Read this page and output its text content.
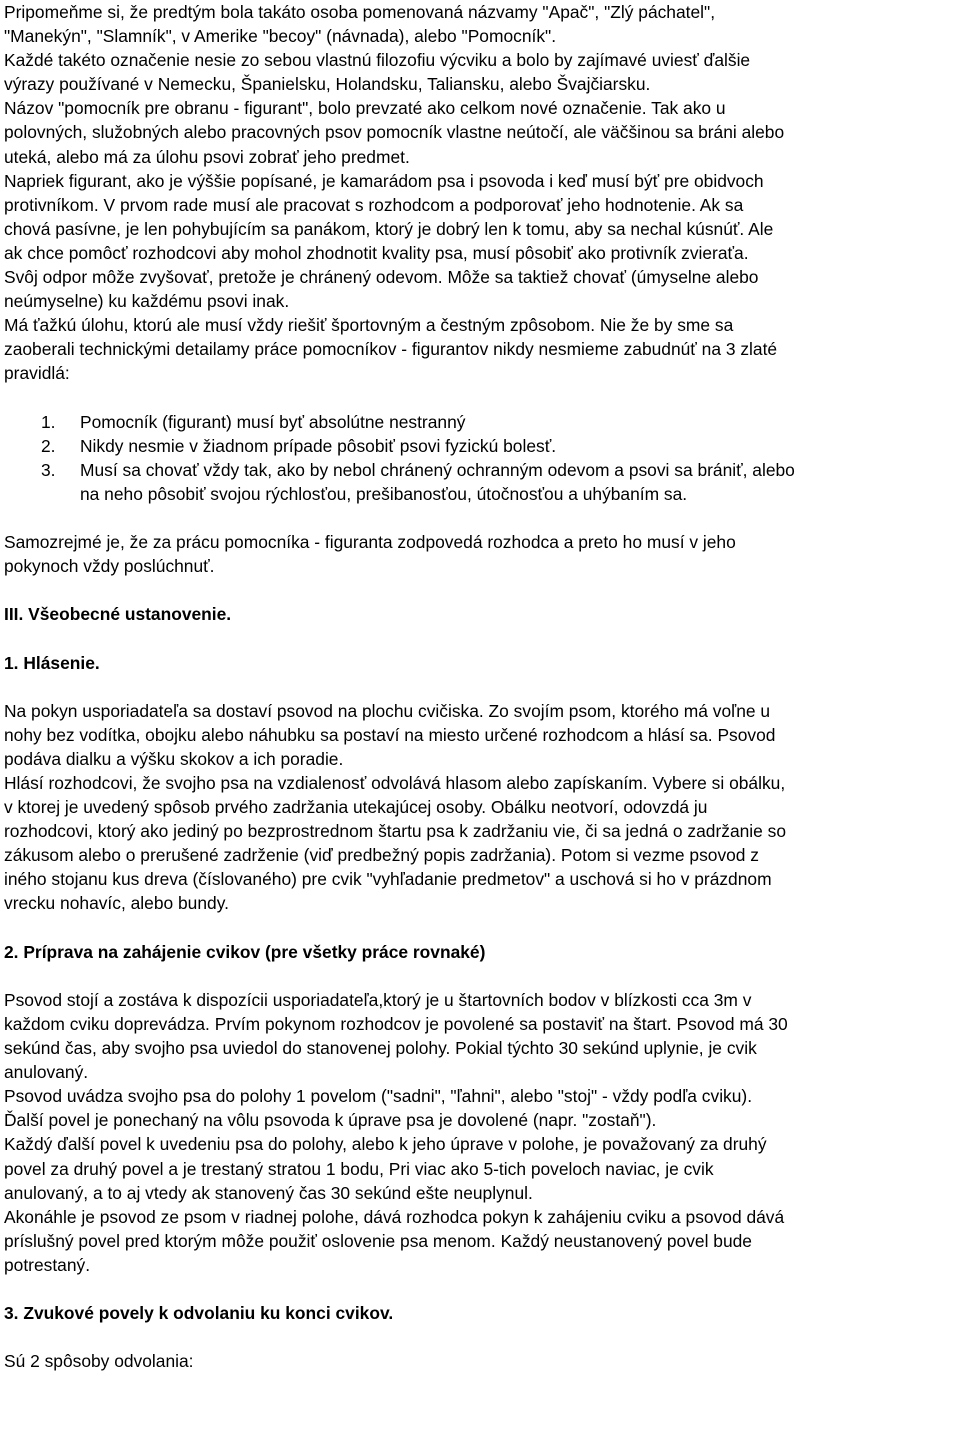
Pripomeňme si, že predtým bola takáto osoba pomenovaná názvamy "Apač", "Zlý páchatel",
"Manekýn", "Slamník", v Amerike "becoy" (návnada), alebo "Pomocník".
Každé takéto označenie nesie zo sebou vlastnú filozofiu výcviku a bolo by zajímavé uviesť ďalšie
výrazy používané v Nemecku, Španielsku, Holandsku, Taliansku, alebo Švajčiarsku.
Názov "pomocník pre obranu - figurant", bolo prevzaté ako celkom nové označenie. Tak ako u
polovných, služobných alebo pracovných psov pomocník vlastne neútočí, ale väčšinou sa bráni alebo
uteká, alebo má za úlohu psovi zobrať jeho predmet.
Napriek figurant, ako je výššie popísané, je kamarádom psa i psovoda i keď musí býť pre obidvoch
protivníkom. V prvom rade musí ale pracovat s rozhodcom a podporovať jeho hodnotenie. Ak sa
chová pasívne, je len pohybujícím sa panákom, ktorý je dobrý len k tomu, aby sa nechal kúsnúť. Ale
ak chce pomôcť rozhodcovi aby mohol zhodnotit kvality psa, musí pôsobiť ako protivník zvieraťa.
Svôj odpor môže zvyšovať, pretože je chránený odevom. Môže sa taktiež chovať (úmyselne alebo
neúmyselne) ku každému psovi inak.
Má ťažkú úlohu, ktorú ale musí vždy riešiť športovným a čestným zpôsobom. Nie že by sme sa
zaoberali technickými detailamy práce pomocníkov - figurantov nikdy nesmieme zabudnúť na 3 zlaté
pravidlá:
1. Pomocník (figurant) musí byť absolútne nestranný
2. Nikdy nesmie v žiadnom prípade pôsobiť psovi fyzickú bolesť.
3. Musí sa chovať vždy tak, ako by nebol chránený ochranným odevom a psovi sa brániť, alebo
na neho pôsobiť svojou rýchlosťou, prešibanosťou, útočnosťou a uhýbaním sa.
Samozrejmé je, že za prácu pomocníka - figuranta zodpovedá rozhodca a preto ho musí v jeho
pokynoch vždy poslúchnuť.
III. Všeobecné ustanovenie.
1. Hlásenie.
Na pokyn usporiadateľa sa dostaví psovod na plochu cvičiska. Zo svojím psom, ktorého má voľne u
nohy bez vodítka, obojku alebo náhubku sa postaví na miesto určené rozhodcom a hlásí sa. Psovod
podáva dialku a výšku skokov a ich poradie.
Hlásí rozhodcovi, že svojho psa na vzdialenosť odvolává hlasom alebo zapískaním. Vybere si obálku,
v ktorej je uvedený spôsob prvého zadržania utekajúcej osoby. Obálku neotvorí, odovzdá ju
rozhodcovi, ktorý ako jediný po bezprostrednom štartu psa k zadržaniu vie, či sa jedná o zadržanie so
zákusom alebo o prerušené zadrženie (viď predbežný popis zadržania). Potom si vezme psovod z
iného stojanu kus dreva (číslovaného) pre cvik "vyhľadanie predmetov" a uschová si ho v prázdnom
vrecku nohavíc, alebo bundy.
2. Príprava na zahájenie cvikov (pre všetky práce rovnaké)
Psovod stojí a zostáva k dispozícii usporiadateľa,ktorý je u štartovních bodov v blízkosti cca 3m v
každom cviku doprevádza. Prvím pokynom rozhodcov je povolené sa postaviť na štart. Psovod má 30
sekúnd čas, aby svojho psa uviedol do stanovenej polohy. Pokial týchto 30 sekúnd uplynie, je cvik
anulovaný.
Psovod uvádza svojho psa do polohy 1 povelom ("sadni", "ľahni", alebo "stoj" - vždy podľa cviku).
Ďalší povel je ponechaný na vôlu psovoda k úprave psa je dovolené (napr. "zostaň").
Každý ďalší povel k uvedeniu psa do polohy, alebo k jeho úprave v polohe, je považovaný za druhý
povel za druhý povel a je trestaný stratou 1 bodu, Pri viac ako 5-tich poveloch naviac, je cvik
anulovaný, a to aj vtedy ak stanovený čas 30 sekúnd ešte neuplynul.
Akonáhle je psovod ze psom v riadnej polohe, dává rozhodca pokyn k zahájeniu cviku a psovod dává
príslušný povel pred ktorým môže použiť oslovenie psa menom. Každý neustanovený povel bude
potrestaný.
3. Zvukové povely k odvolaniu ku konci cvikov.
Sú 2 spôsoby odvolania:
